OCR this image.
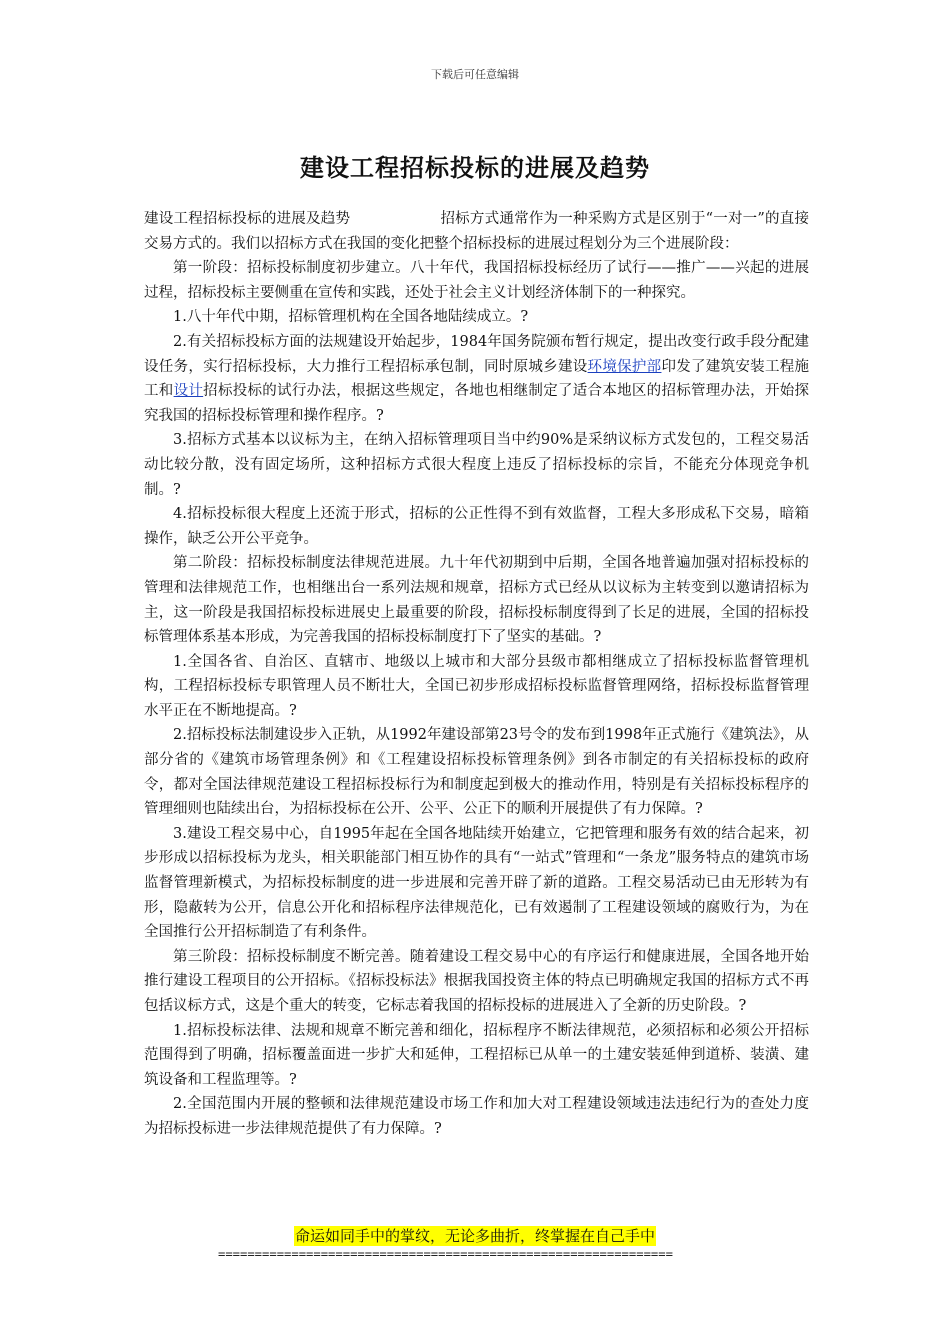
下载后可任意编辑
建设工程招标投标的进展及趋势

建设工程招标投标的进展及趋势	招标方式通常作为一种采购方式是区别于“一对一”的直接交易方式的。我们以招标方式在我国的变化把整个招标投标的进展过程划分为三个进展阶段：

第一阶段：招标投标制度初步建立。八十年代，我国招标投标经历了试行——推广——兴起的进展过程，招标投标主要侧重在宣传和实践，还处于社会主义计划经济体制下的一种探究。

1.八十年代中期，招标管理机构在全国各地陆续成立。?

2.有关招标投标方面的法规建设开始起步，1984年国务院颁布暂行规定，提出改变行政手段分配建设任务，实行招标投标，大力推行工程招标承包制，同时原城乡建设环境保护部印发了建筑安装工程施工和设计招标投标的试行办法，根据这些规定，各地也相继制定了适合本地区的招标管理办法，开始探究我国的招标投标管理和操作程序。?

3.招标方式基本以议标为主，在纳入招标管理项目当中约90%是采纳议标方式发包的，工程交易活动比较分散，没有固定场所，这种招标方式很大程度上违反了招标投标的宗旨，不能充分体现竞争机制。?

4.招标投标很大程度上还流于形式，招标的公正性得不到有效监督，工程大多形成私下交易，暗箱操作，缺乏公开公平竞争。

第二阶段：招标投标制度法律规范进展。九十年代初期到中后期，全国各地普遍加强对招标投标的管理和法律规范工作，也相继出台一系列法规和规章，招标方式已经从以议标为主转变到以邀请招标为主，这一阶段是我国招标投标进展史上最重要的阶段，招标投标制度得到了长足的进展，全国的招标投标管理体系基本形成，为完善我国的招标投标制度打下了坚实的基础。?

1.全国各省、自治区、直辖市、地级以上城市和大部分县级市都相继成立了招标投标监督管理机构，工程招标投标专职管理人员不断壮大，全国已初步形成招标投标监督管理网络，招标投标监督管理水平正在不断地提高。?

2.招标投标法制建设步入正轨，从1992年建设部第23号令的发布到1998年正式施行《建筑法》，从部分省的《建筑市场管理条例》和《工程建设招标投标管理条例》到各市制定的有关招标投标的政府令，都对全国法律规范建设工程招标投标行为和制度起到极大的推动作用，特别是有关招标投标程序的管理细则也陆续出台，为招标投标在公开、公平、公正下的顺利开展提供了有力保障。?

3.建设工程交易中心，自1995年起在全国各地陆续开始建立，它把管理和服务有效的结合起来，初步形成以招标投标为龙头，相关职能部门相互协作的具有“一站式”管理和“一条龙”服务特点的建筑市场监督管理新模式，为招标投标制度的进一步进展和完善开辟了新的道路。工程交易活动已由无形转为有形，隐蔽转为公开，信息公开化和招标程序法律规范化，已有效遏制了工程建设领域的腐败行为，为在全国推行公开招标制造了有利条件。

第三阶段：招标投标制度不断完善。随着建设工程交易中心的有序运行和健康进展，全国各地开始推行建设工程项目的公开招标。《招标投标法》根据我国投资主体的特点已明确规定我国的招标方式不再包括议标方式，这是个重大的转变，它标志着我国的招标投标的进展进入了全新的历史阶段。?

1.招标投标法律、法规和规章不断完善和细化，招标程序不断法律规范，必须招标和必须公开招标范围得到了明确，招标覆盖面进一步扩大和延伸，工程招标已从单一的土建安装延伸到道桥、装潢、建筑设备和工程监理等。?

2.全国范围内开展的整顿和法律规范建设市场工作和加大对工程建设领域违法违纪行为的查处力度为招标投标进一步法律规范提供了有力保障。?

命运如同手中的掌纹，无论多曲折，终掌握在自己手中
==============================================================
